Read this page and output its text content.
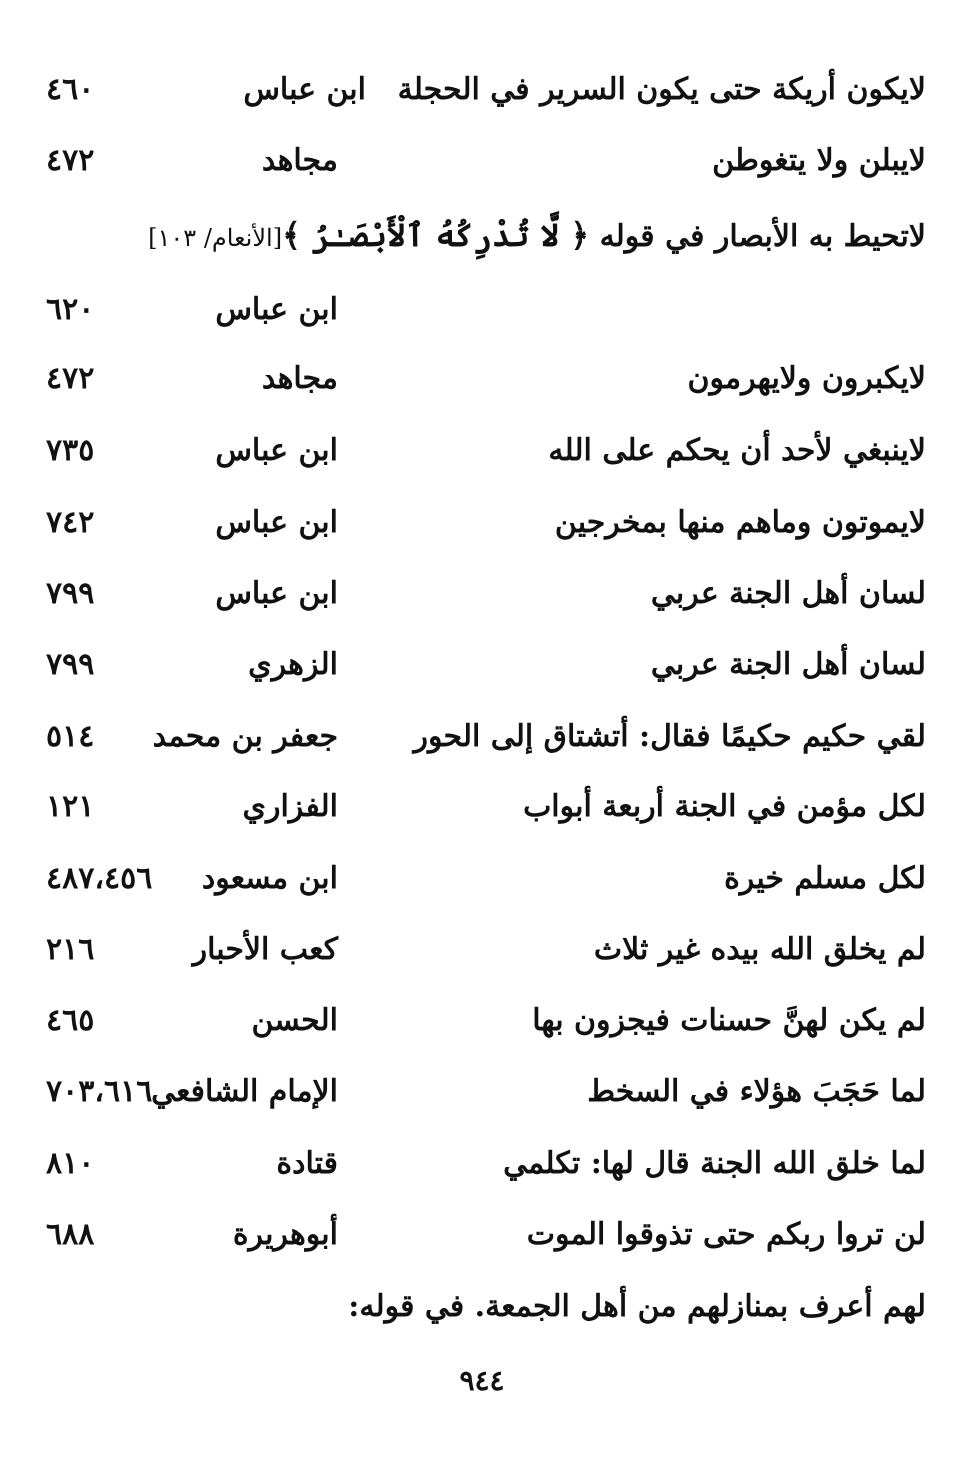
لايكون أريكة حتى يكون السرير في الحجلة
ابن عباس
٤٦٠
لايبلن ولا يتغوطن
مجاهد
٤٧٢
لاتحيط به الأبصار في قوله ﴿ لَّا تُدْرِكُهُ ٱلْأَبْصَـٰرُ ﴾[الأنعام/ ١٠٣]
ابن عباس
٦٢٠
لايكبرون ولايهرمون
مجاهد
٤٧٢
لاينبغي لأحد أن يحكم على الله
ابن عباس
٧٣٥
لايموتون وماهم منها بمخرجين
ابن عباس
٧٤٢
لسان أهل الجنة عربي
ابن عباس
٧٩٩
لسان أهل الجنة عربي
الزهري
٧٩٩
لقي حكيم حكيمًا فقال: أتشتاق إلى الحور
جعفر بن محمد
٥١٤
لكل مؤمن في الجنة أربعة أبواب
الفزاري
١٢١
لكل مسلم خيرة
ابن مسعود
٤٨٧،٤٥٦
لم يخلق الله بيده غير ثلاث
كعب الأحبار
٢١٦
لم يكن لهنَّ حسنات فيجزون بها
الحسن
٤٦٥
لما حَجَبَ هؤلاء في السخط
الإمام الشافعي
٧٠٣،٦١٦
لما خلق الله الجنة قال لها: تكلمي
قتادة
٨١٠
لن تروا ربكم حتى تذوقوا الموت
أبوهريرة
٦٨٨
لهم أعرف بمنازلهم من أهل الجمعة. في قوله:
٩٤٤
